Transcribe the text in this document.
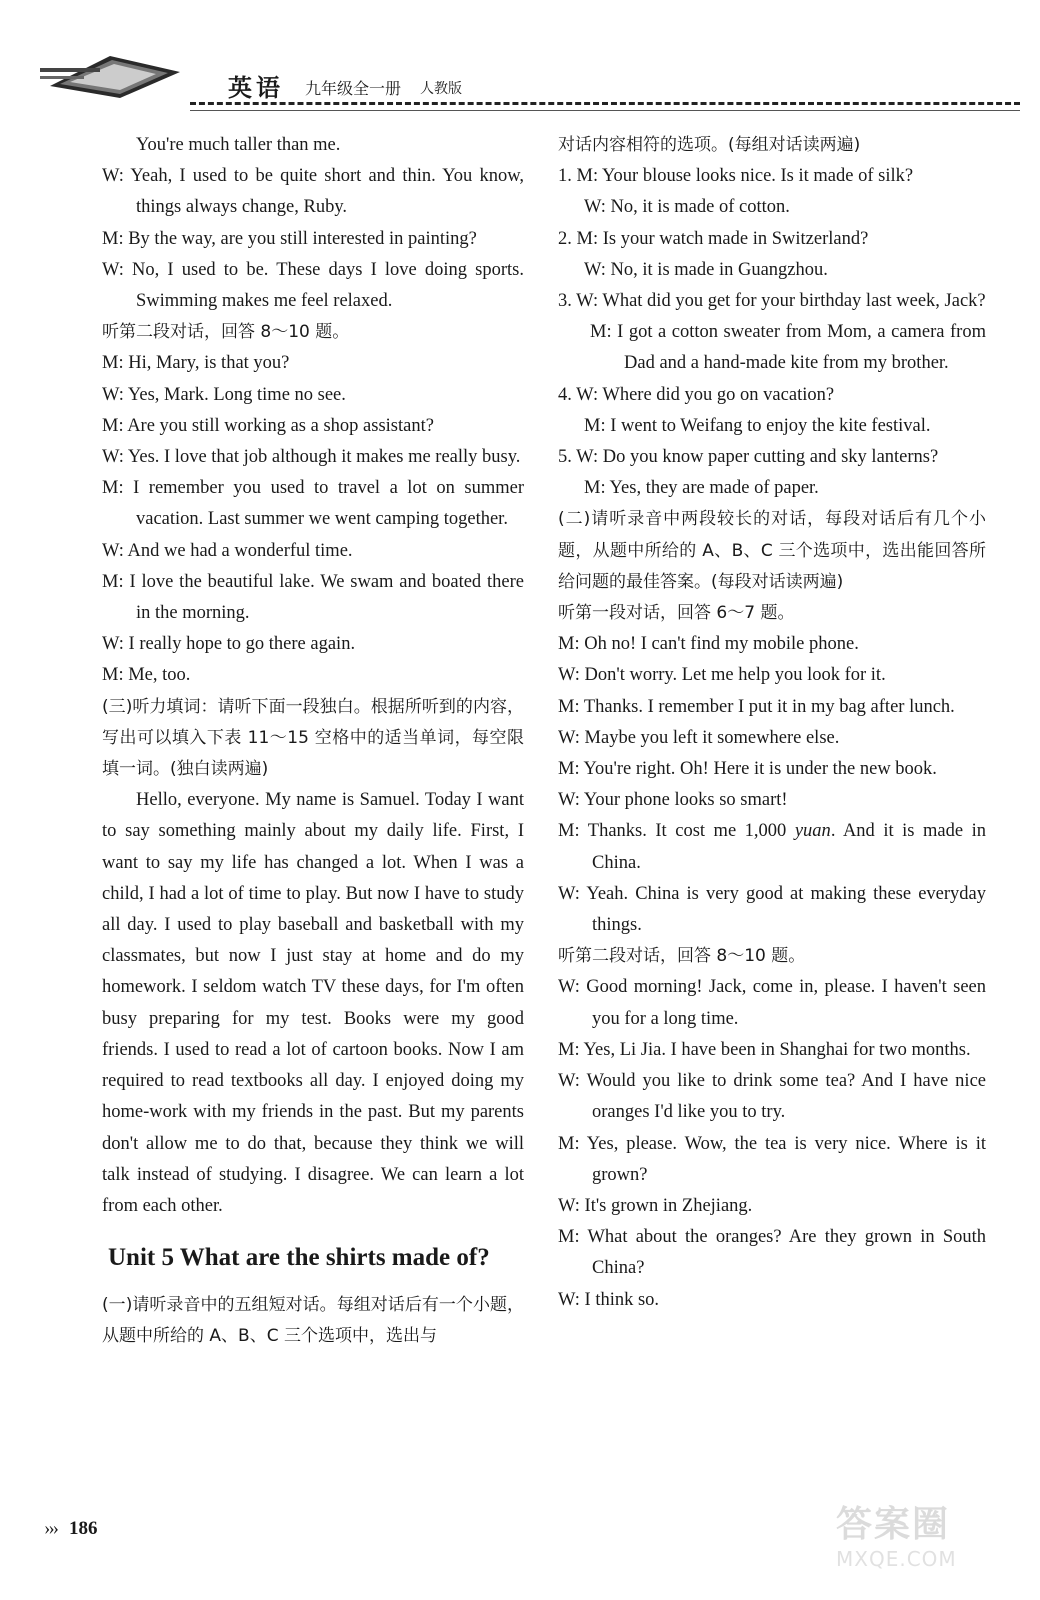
英语 九年级全一册 人教版

You're much taller than me.

W: Yeah, I used to be quite short and thin. You know, things always change, Ruby.

M: By the way, are you still interested in painting?

W: No, I used to be. These days I love doing sports. Swimming makes me feel relaxed.

听第二段对话，回答 8～10 题。

M: Hi, Mary, is that you?

W: Yes, Mark. Long time no see.

M: Are you still working as a shop assistant?

W: Yes. I love that job although it makes me really busy.

M: I remember you used to travel a lot on summer vacation. Last summer we went camping together.

W: And we had a wonderful time.

M: I love the beautiful lake. We swam and boated there in the morning.

W: I really hope to go there again.

M: Me, too.

(三)听力填词：请听下面一段独白。根据所听到的内容，写出可以填入下表 11～15 空格中的适当单词，每空限填一词。(独白读两遍)

Hello, everyone. My name is Samuel. Today I want to say something mainly about my daily life. First, I want to say my life has changed a lot. When I was a child, I had a lot of time to play. But now I have to study all day. I used to play baseball and basketball with my classmates, but now I just stay at home and do my homework. I seldom watch TV these days, for I'm often busy preparing for my test. Books were my good friends. I used to read a lot of cartoon books. Now I am required to read textbooks all day. I enjoyed doing my home-work with my friends in the past. But my parents don't allow me to do that, because they think we will talk instead of studying. I disagree. We can learn a lot from each other.

Unit 5 What are the shirts made of?

(一)请听录音中的五组短对话。每组对话后有一个小题，从题中所给的 A、B、C 三个选项中，选出与

对话内容相符的选项。(每组对话读两遍)

1. M: Your blouse looks nice. Is it made of silk?

W: No, it is made of cotton.

2. M: Is your watch made in Switzerland?

W: No, it is made in Guangzhou.

3. W: What did you get for your birthday last week, Jack?

M: I got a cotton sweater from Mom, a camera from Dad and a hand-made kite from my brother.

4. W: Where did you go on vacation?

M: I went to Weifang to enjoy the kite festival.

5. W: Do you know paper cutting and sky lanterns?

M: Yes, they are made of paper.

(二)请听录音中两段较长的对话，每段对话后有几个小题，从题中所给的 A、B、C 三个选项中，选出能回答所给问题的最佳答案。(每段对话读两遍)

听第一段对话，回答 6～7 题。

M: Oh no! I can't find my mobile phone.

W: Don't worry. Let me help you look for it.

M: Thanks. I remember I put it in my bag after lunch.

W: Maybe you left it somewhere else.

M: You're right. Oh! Here it is under the new book.

W: Your phone looks so smart!

M: Thanks. It cost me 1,000 yuan. And it is made in China.

W: Yeah. China is very good at making these everyday things.

听第二段对话，回答 8～10 题。

W: Good morning! Jack, come in, please. I haven't seen you for a long time.

M: Yes, Li Jia. I have been in Shanghai for two months.

W: Would you like to drink some tea? And I have nice oranges I'd like you to try.

M: Yes, please. Wow, the tea is very nice. Where is it grown?

W: It's grown in Zhejiang.

M: What about the oranges? Are they grown in South China?

W: I think so.

››› 186	答案圈
MXQE.COM
